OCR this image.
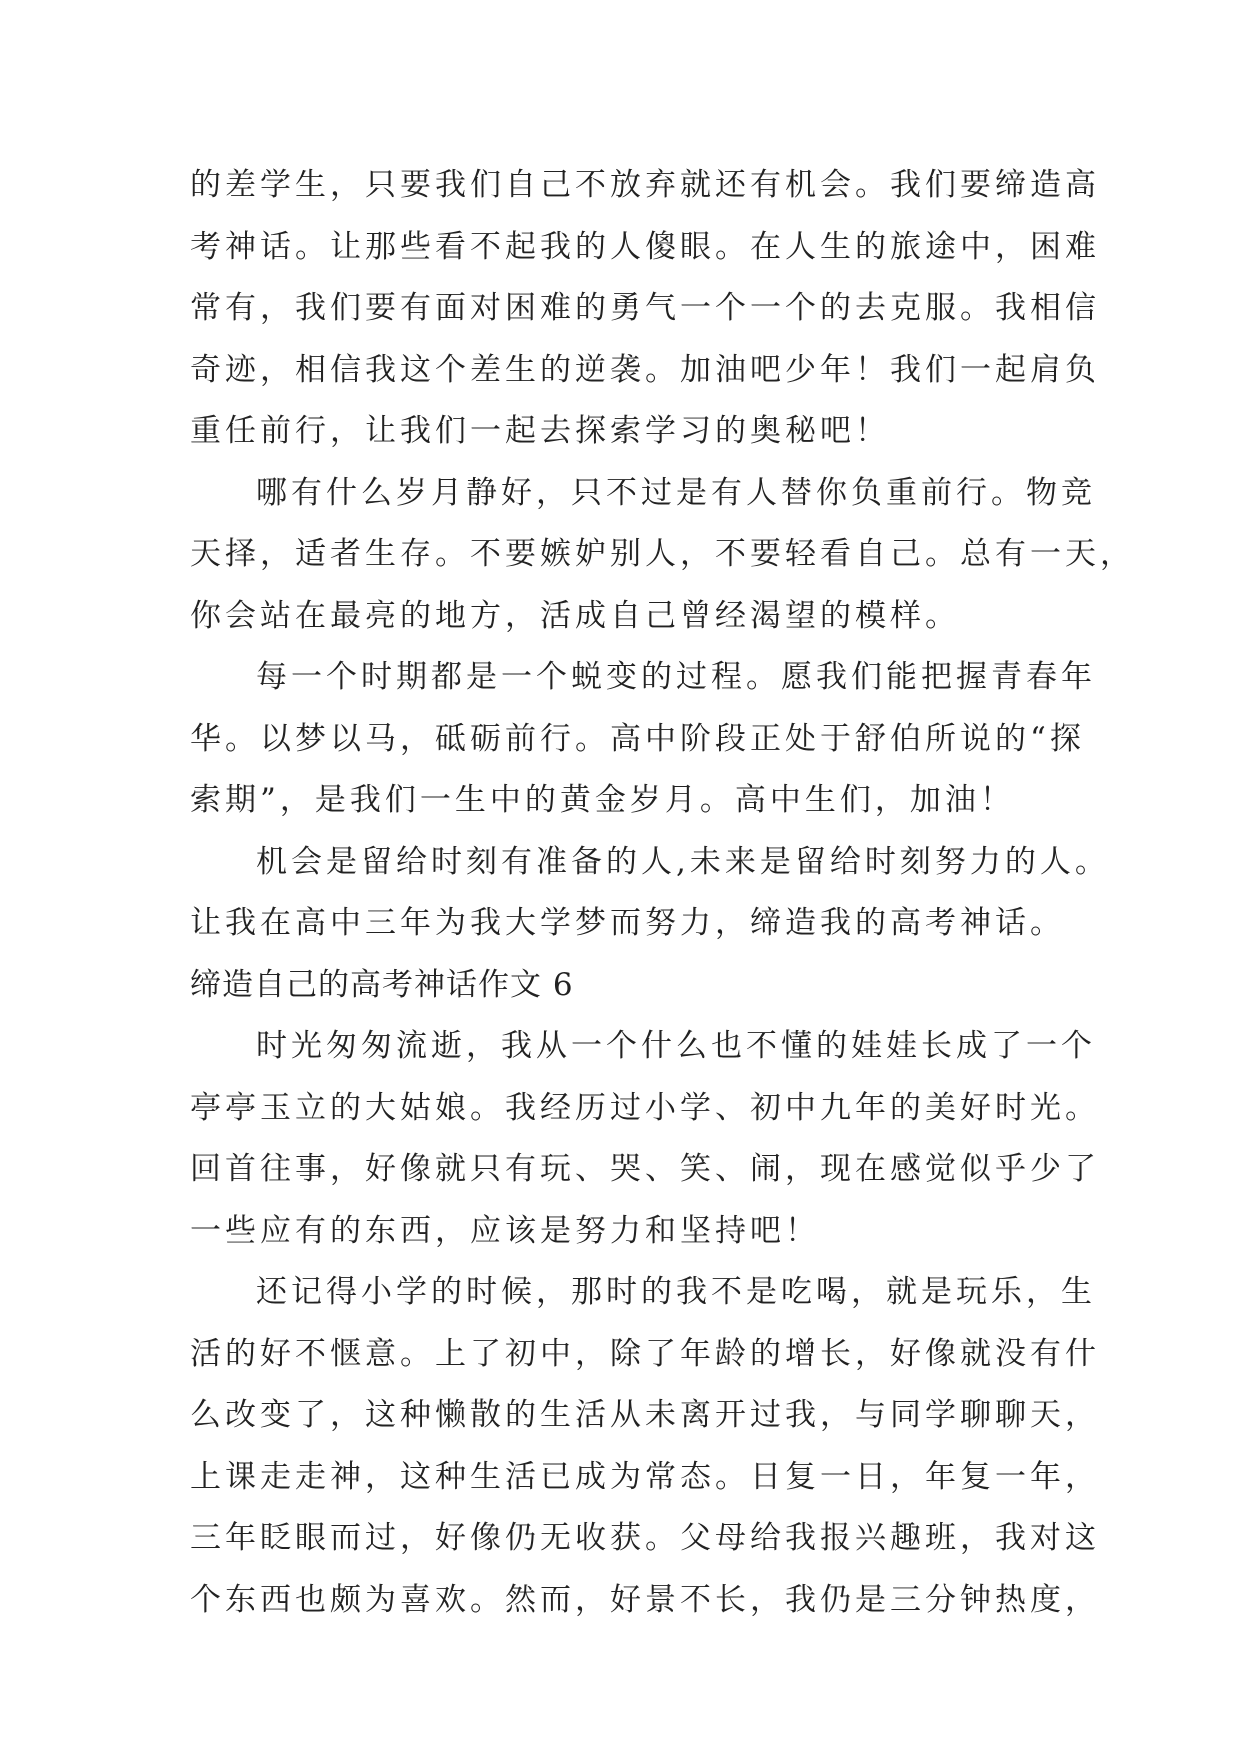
的差学生，只要我们自己不放弃就还有机会。我们要缔造高
考神话。让那些看不起我的人傻眼。在人生的旅途中，困难
常有，我们要有面对困难的勇气一个一个的去克服。我相信
奇迹，相信我这个差生的逆袭。加油吧少年！我们一起肩负
重任前行，让我们一起去探索学习的奥秘吧！
哪有什么岁月静好，只不过是有人替你负重前行。物竞
天择，适者生存。不要嫉妒别人，不要轻看自己。总有一天，
你会站在最亮的地方，活成自己曾经渴望的模样。
每一个时期都是一个蜕变的过程。愿我们能把握青春年
华。以梦以马，砥砺前行。高中阶段正处于舒伯所说的“探
索期”，是我们一生中的黄金岁月。高中生们，加油！
机会是留给时刻有准备的人,未来是留给时刻努力的人。
让我在高中三年为我大学梦而努力，缔造我的高考神话。
缔造自己的高考神话作文 6
时光匆匆流逝，我从一个什么也不懂的娃娃长成了一个
亭亭玉立的大姑娘。我经历过小学、初中九年的美好时光。
回首往事，好像就只有玩、哭、笑、闹，现在感觉似乎少了
一些应有的东西，应该是努力和坚持吧！
还记得小学的时候，那时的我不是吃喝，就是玩乐，生
活的好不惬意。上了初中，除了年龄的增长，好像就没有什
么改变了，这种懒散的生活从未离开过我，与同学聊聊天，
上课走走神，这种生活已成为常态。日复一日，年复一年，
三年眨眼而过，好像仍无收获。父母给我报兴趣班，我对这
个东西也颇为喜欢。然而，好景不长，我仍是三分钟热度，
